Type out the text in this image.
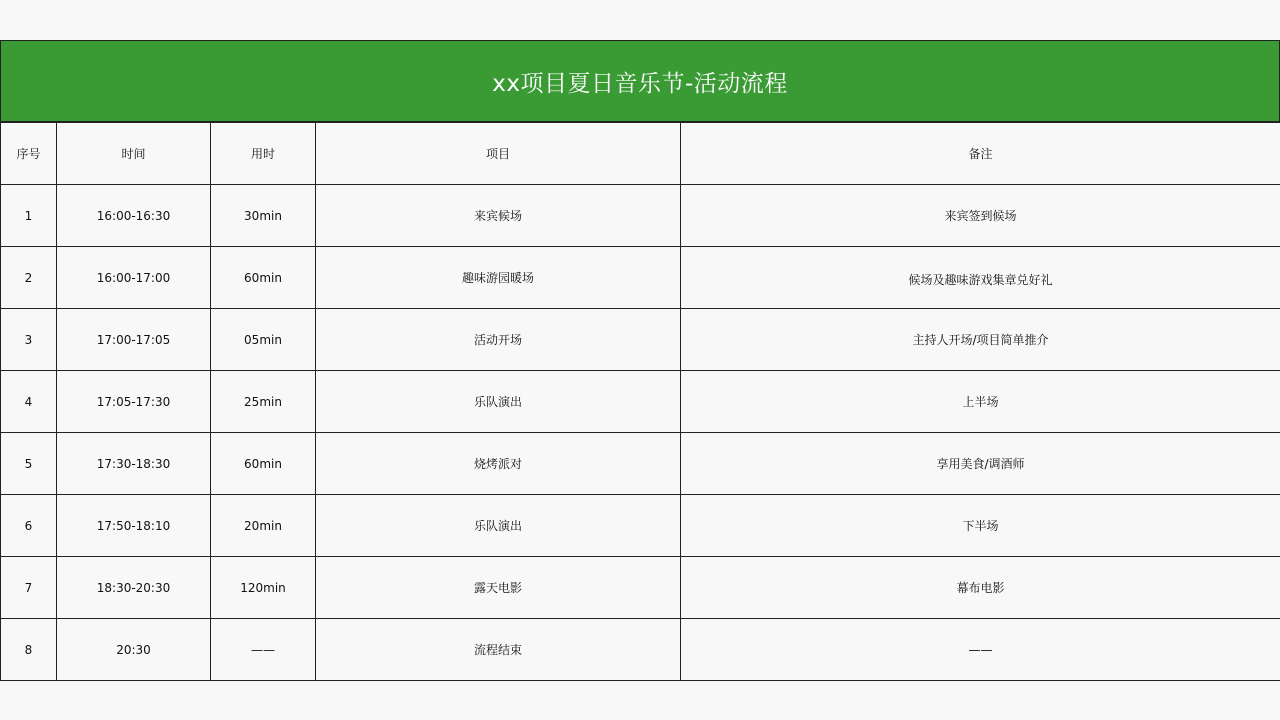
xx项目夏日音乐节-活动流程
序号	时间	用时	项目	备注
1	16:00-16:30	30min	来宾候场	来宾签到候场
2	16:00-17:00	60min	趣味游园暖场	候场及趣味游戏集章兑好礼
3	17:00-17:05	05min	活动开场	主持人开场/项目简单推介
4	17:05-17:30	25min	乐队演出	上半场
5	17:30-18:30	60min	烧烤派对	享用美食/调酒师
6	17:50-18:10	20min	乐队演出	下半场
7	18:30-20:30	120min	露天电影	幕布电影
8	20:30	——	流程结束	——
